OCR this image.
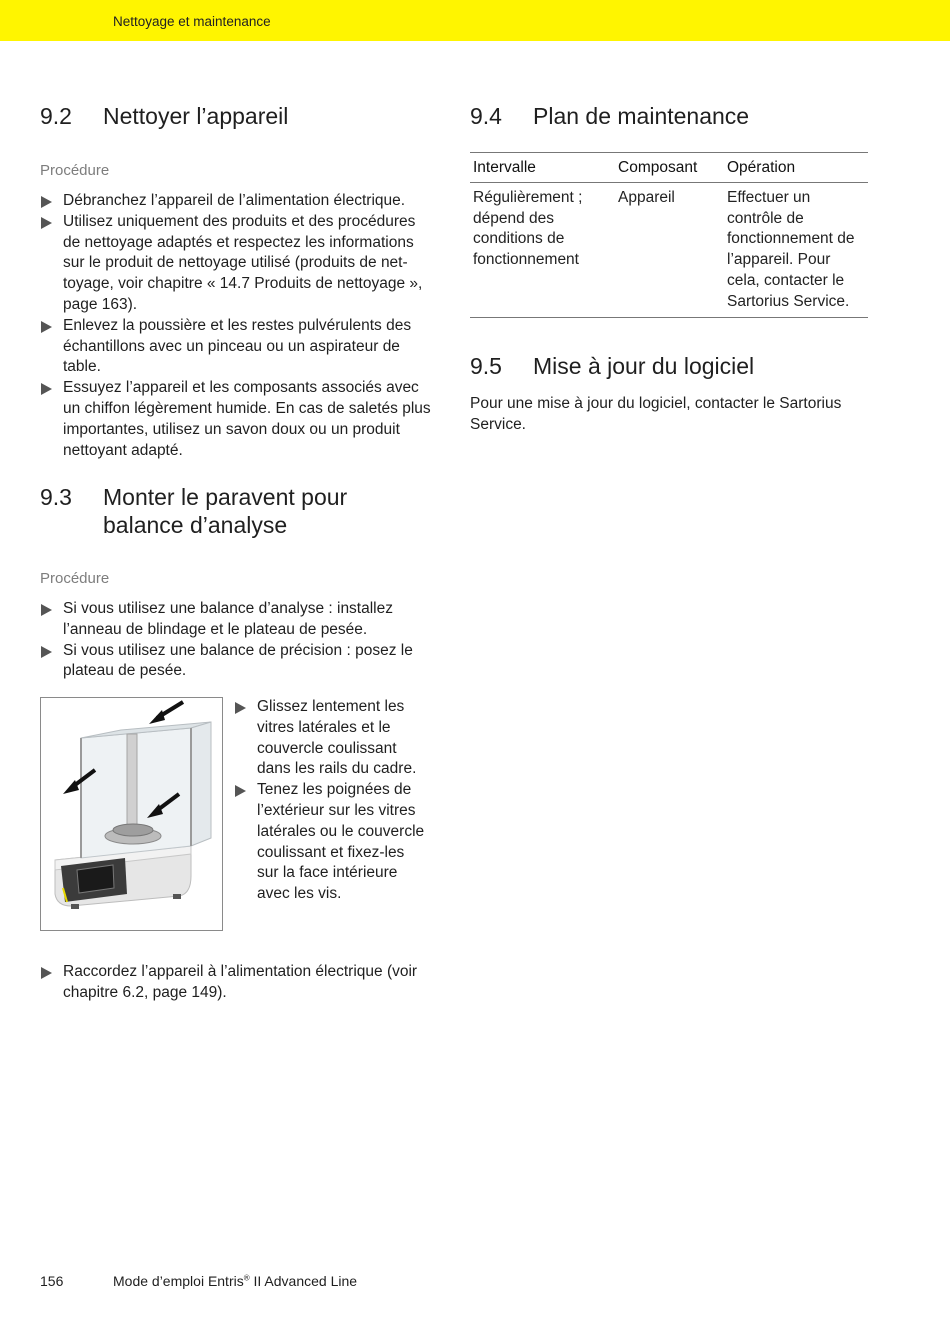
Nettoyage et maintenance
9.2 Nettoyer l’appareil
Procédure
Débranchez l’appareil de l’alimentation électrique.
Utilisez uniquement des produits et des procédures de nettoyage adaptés et respectez les informations sur le produit de nettoyage utilisé (produits de net-toyage, voir chapitre « 14.7 Produits de nettoyage », page 163).
Enlevez la poussière et les restes pulvérulents des échantillons avec un pinceau ou un aspirateur de table.
Essuyez l’appareil et les composants associés avec un chiffon légèrement humide. En cas de saletés plus importantes, utilisez un savon doux ou un produit nettoyant adapté.
9.3 Monter le paravent pour
balance d’analyse
Procédure
Si vous utilisez une balance d’analyse : installez l’anneau de blindage et le plateau de pesée.
Si vous utilisez une balance de précision : posez le plateau de pesée.
Glissez lentement les vitres latérales et le couvercle coulissant dans les rails du cadre.
Tenez les poignées de l’extérieur sur les vitres latérales ou le couvercle coulissant et fixez-les sur la face intérieure avec les vis.
Raccordez l’appareil à l’alimentation électrique (voir chapitre 6.2, page 149).
9.4 Plan de maintenance
Intervalle	Composant	Opération
Régulièrement ; dépend des conditions de fonctionnement	Appareil	Effectuer un contrôle de fonctionnement de l’appareil. Pour cela, contacter le Sartorius Service.
9.5 Mise à jour du logiciel
Pour une mise à jour du logiciel, contacter le Sartorius Service.
156	Mode d’emploi Entris® II Advanced Line
